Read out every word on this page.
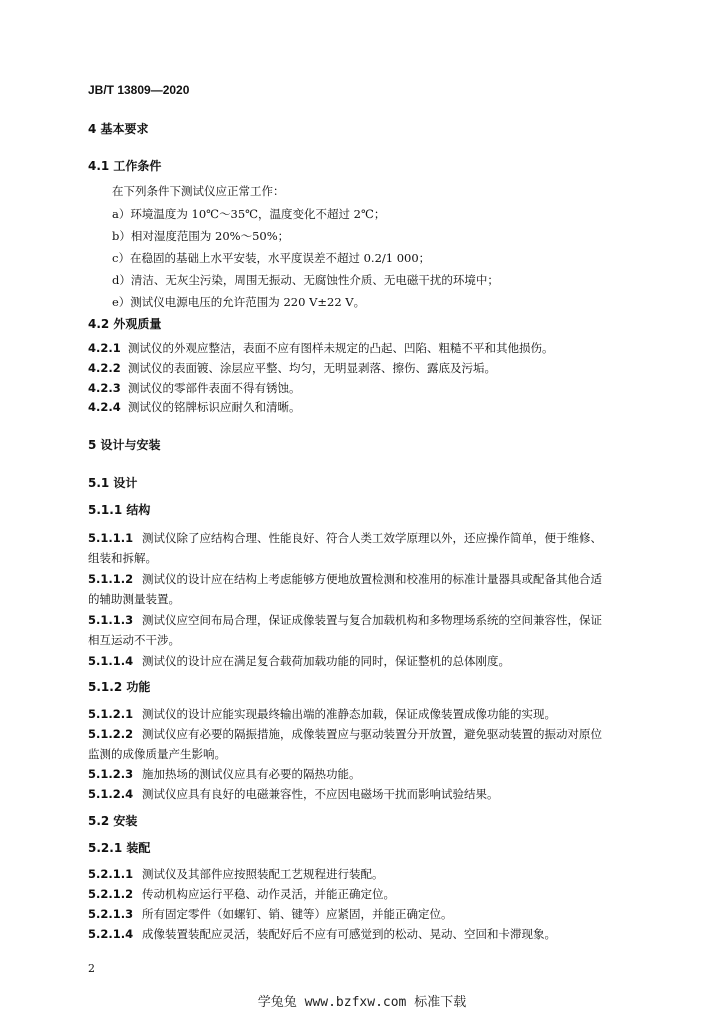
JB/T 13809—2020
4 基本要求
4.1 工作条件
在下列条件下测试仪应正常工作：
a）环境温度为 10℃～35℃，温度变化不超过 2℃；
b）相对湿度范围为 20%～50%；
c）在稳固的基础上水平安装，水平度误差不超过 0.2/1 000；
d）清洁、无灰尘污染，周围无振动、无腐蚀性介质、无电磁干扰的环境中；
e）测试仪电源电压的允许范围为 220 V±22 V。
4.2 外观质量
4.2.1 测试仪的外观应整洁，表面不应有图样未规定的凸起、凹陷、粗糙不平和其他损伤。
4.2.2 测试仪的表面镀、涂层应平整、均匀，无明显剥落、擦伤、露底及污垢。
4.2.3 测试仪的零部件表面不得有锈蚀。
4.2.4 测试仪的铭牌标识应耐久和清晰。
5 设计与安装
5.1 设计
5.1.1 结构
5.1.1.1 测试仪除了应结构合理、性能良好、符合人类工效学原理以外，还应操作简单，便于维修、
组装和拆解。
5.1.1.2 测试仪的设计应在结构上考虑能够方便地放置检测和校准用的标准计量器具或配备其他合适
的辅助测量装置。
5.1.1.3 测试仪应空间布局合理，保证成像装置与复合加载机构和多物理场系统的空间兼容性，保证
相互运动不干涉。
5.1.1.4 测试仪的设计应在满足复合载荷加载功能的同时，保证整机的总体刚度。
5.1.2 功能
5.1.2.1 测试仪的设计应能实现最终输出端的准静态加载，保证成像装置成像功能的实现。
5.1.2.2 测试仪应有必要的隔振措施，成像装置应与驱动装置分开放置，避免驱动装置的振动对原位
监测的成像质量产生影响。
5.1.2.3 施加热场的测试仪应具有必要的隔热功能。
5.1.2.4 测试仪应具有良好的电磁兼容性，不应因电磁场干扰而影响试验结果。
5.2 安装
5.2.1 装配
5.2.1.1 测试仪及其部件应按照装配工艺规程进行装配。
5.2.1.2 传动机构应运行平稳、动作灵活，并能正确定位。
5.2.1.3 所有固定零件（如螺钉、销、键等）应紧固，并能正确定位。
5.2.1.4 成像装置装配应灵活，装配好后不应有可感觉到的松动、晃动、空回和卡滞现象。
2
学兔兔 www.bzfxw.com 标准下载
